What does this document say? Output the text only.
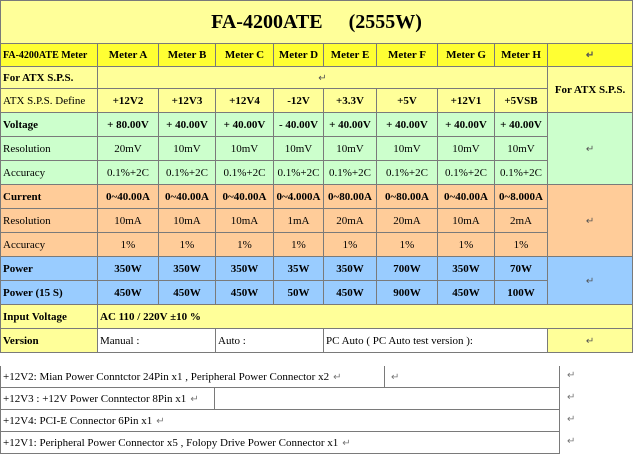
FA-4200ATE (2555W)									
FA-4200ATE Meter	Meter A	Meter B	Meter C	Meter D	Meter E	Meter F	Meter G	Meter H	↵
For ATX S.P.S.	↵								For ATX S.P.S.
ATX S.P.S. Define	+12V2	+12V3	+12V4	-12V	+3.3V	+5V	+12V1	+5VSB	
Voltage	+ 80.00V	+ 40.00V	+ 40.00V	- 40.00V	+ 40.00V	+ 40.00V	+ 40.00V	+ 40.00V	↵
Resolution	20mV	10mV	10mV	10mV	10mV	10mV	10mV	10mV	
Accuracy	0.1%+2C	0.1%+2C	0.1%+2C	0.1%+2C	0.1%+2C	0.1%+2C	0.1%+2C	0.1%+2C	
Current	0~40.00A	0~40.00A	0~40.00A	0~4.000A	0~80.00A	0~80.00A	0~40.00A	0~8.000A	↵
Resolution	10mA	10mA	10mA	1mA	20mA	20mA	10mA	2mA	
Accuracy	1%	1%	1%	1%	1%	1%	1%	1%	
Power	350W	350W	350W	35W	350W	700W	350W	70W	↵
Power (15 S)	450W	450W	450W	50W	450W	900W	450W	100W	
Input Voltage	AC 110 / 220V ±10 %								
Version	Manual :		Auto :		PC Auto ( PC Auto test version ):				↵
+12V2: Mian Power Conntctor 24Pin x1 , Peripheral Power Connector x2 ↵	↵
+12V3 : +12V Power Conntector 8Pin x1 ↵
+12V4: PCI-E Connector 6Pin x1 ↵
+12V1: Peripheral Power Connector x5 , Folopy Drive Power Connector x1 ↵
↵
↵
↵
↵
